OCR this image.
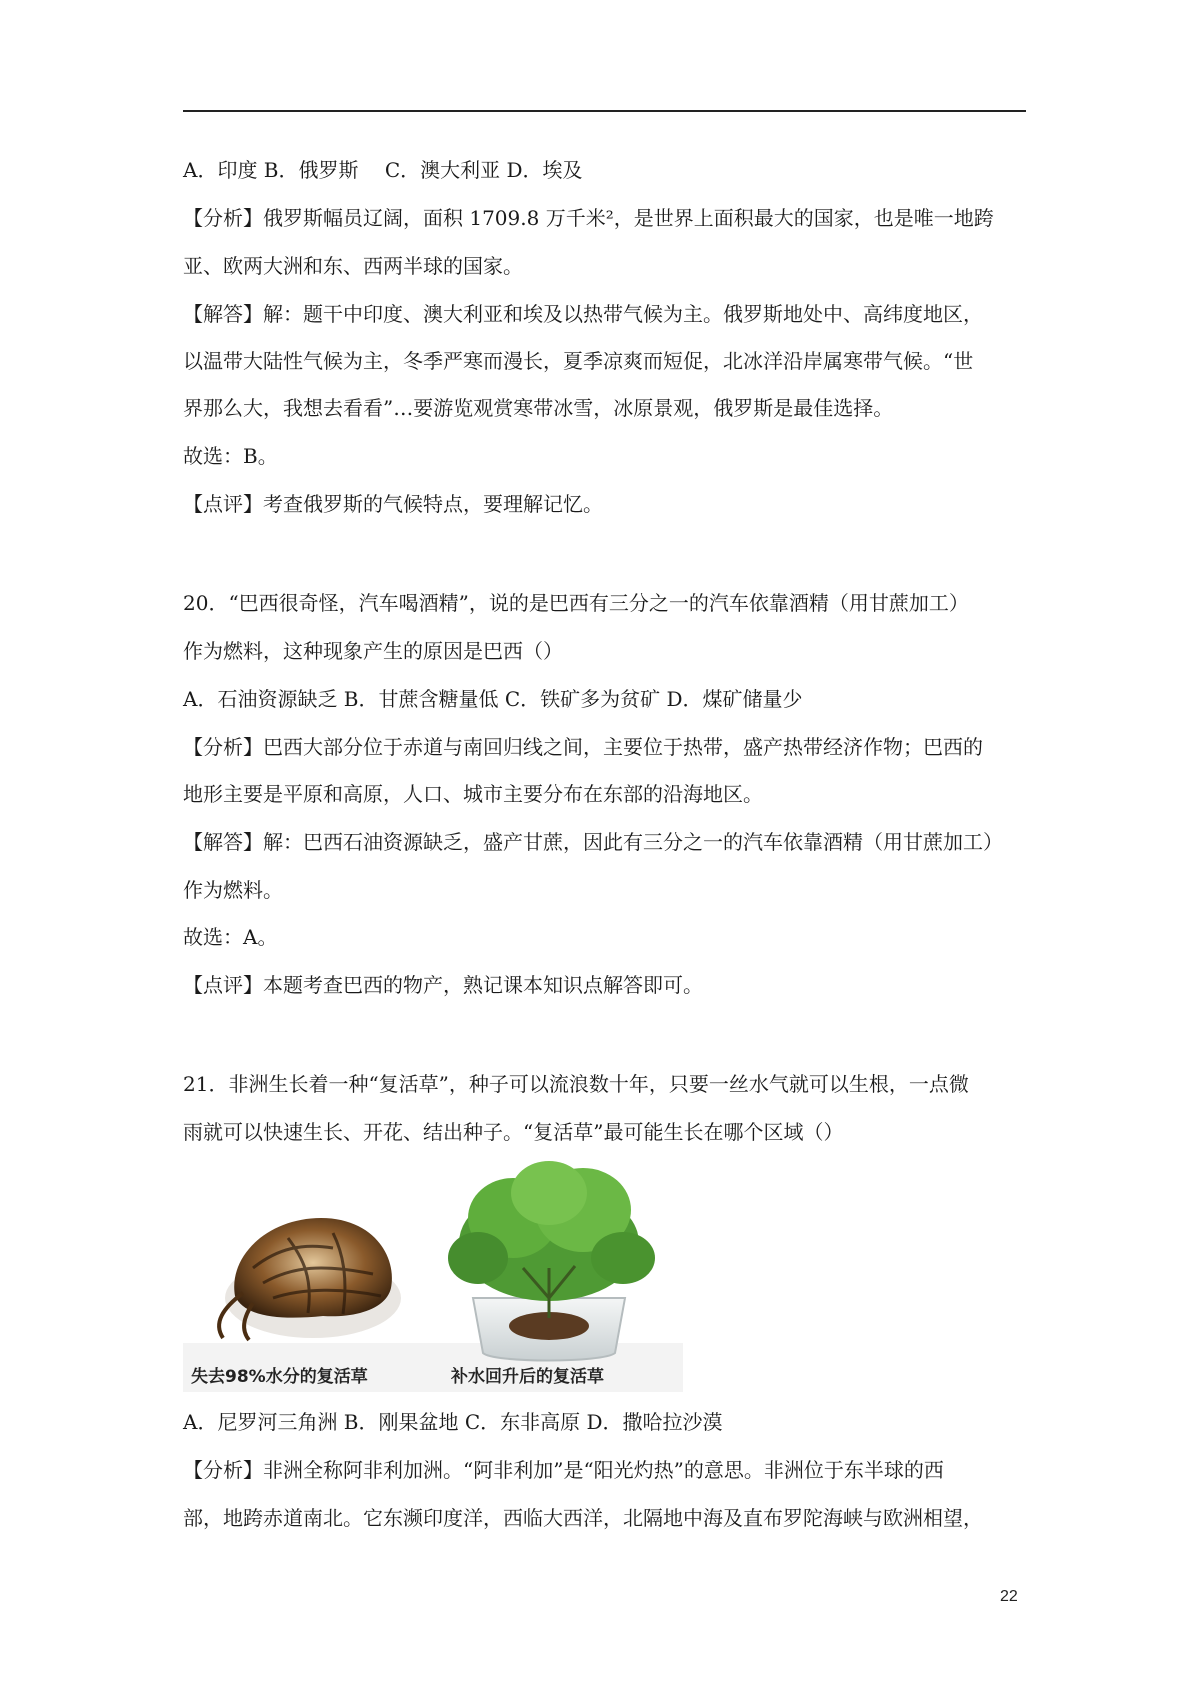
A．印度 B．俄罗斯　 C．澳大利亚 D．埃及
【分析】俄罗斯幅员辽阔，面积 1709.8 万千米²，是世界上面积最大的国家，也是唯一地跨
亚、欧两大洲和东、西两半球的国家。
【解答】解：题干中印度、澳大利亚和埃及以热带气候为主。俄罗斯地处中、高纬度地区，
以温带大陆性气候为主，冬季严寒而漫长，夏季凉爽而短促，北冰洋沿岸属寒带气候。“世
界那么大，我想去看看”…要游览观赏寒带冰雪，冰原景观，俄罗斯是最佳选择。
故选：B。
【点评】考查俄罗斯的气候特点，要理解记忆。
20．“巴西很奇怪，汽车喝酒精”，说的是巴西有三分之一的汽车依靠酒精（用甘蔗加工）
作为燃料，这种现象产生的原因是巴西（）
A．石油资源缺乏 B．甘蔗含糖量低 C．铁矿多为贫矿 D．煤矿储量少
【分析】巴西大部分位于赤道与南回归线之间，主要位于热带，盛产热带经济作物；巴西的
地形主要是平原和高原，人口、城市主要分布在东部的沿海地区。
【解答】解：巴西石油资源缺乏，盛产甘蔗，因此有三分之一的汽车依靠酒精（用甘蔗加工）
作为燃料。
故选：A。
【点评】本题考查巴西的物产，熟记课本知识点解答即可。
21．非洲生长着一种“复活草”，种子可以流浪数十年，只要一丝水气就可以生根，一点微
雨就可以快速生长、开花、结出种子。“复活草”最可能生长在哪个区域（）
失去98%水分的复活草	补水回升后的复活草
A．尼罗河三角洲 B．刚果盆地 C．东非高原 D．撒哈拉沙漠
【分析】非洲全称阿非利加洲。“阿非利加”是“阳光灼热”的意思。非洲位于东半球的西
部，地跨赤道南北。它东濒印度洋，西临大西洋，北隔地中海及直布罗陀海峡与欧洲相望，
22
